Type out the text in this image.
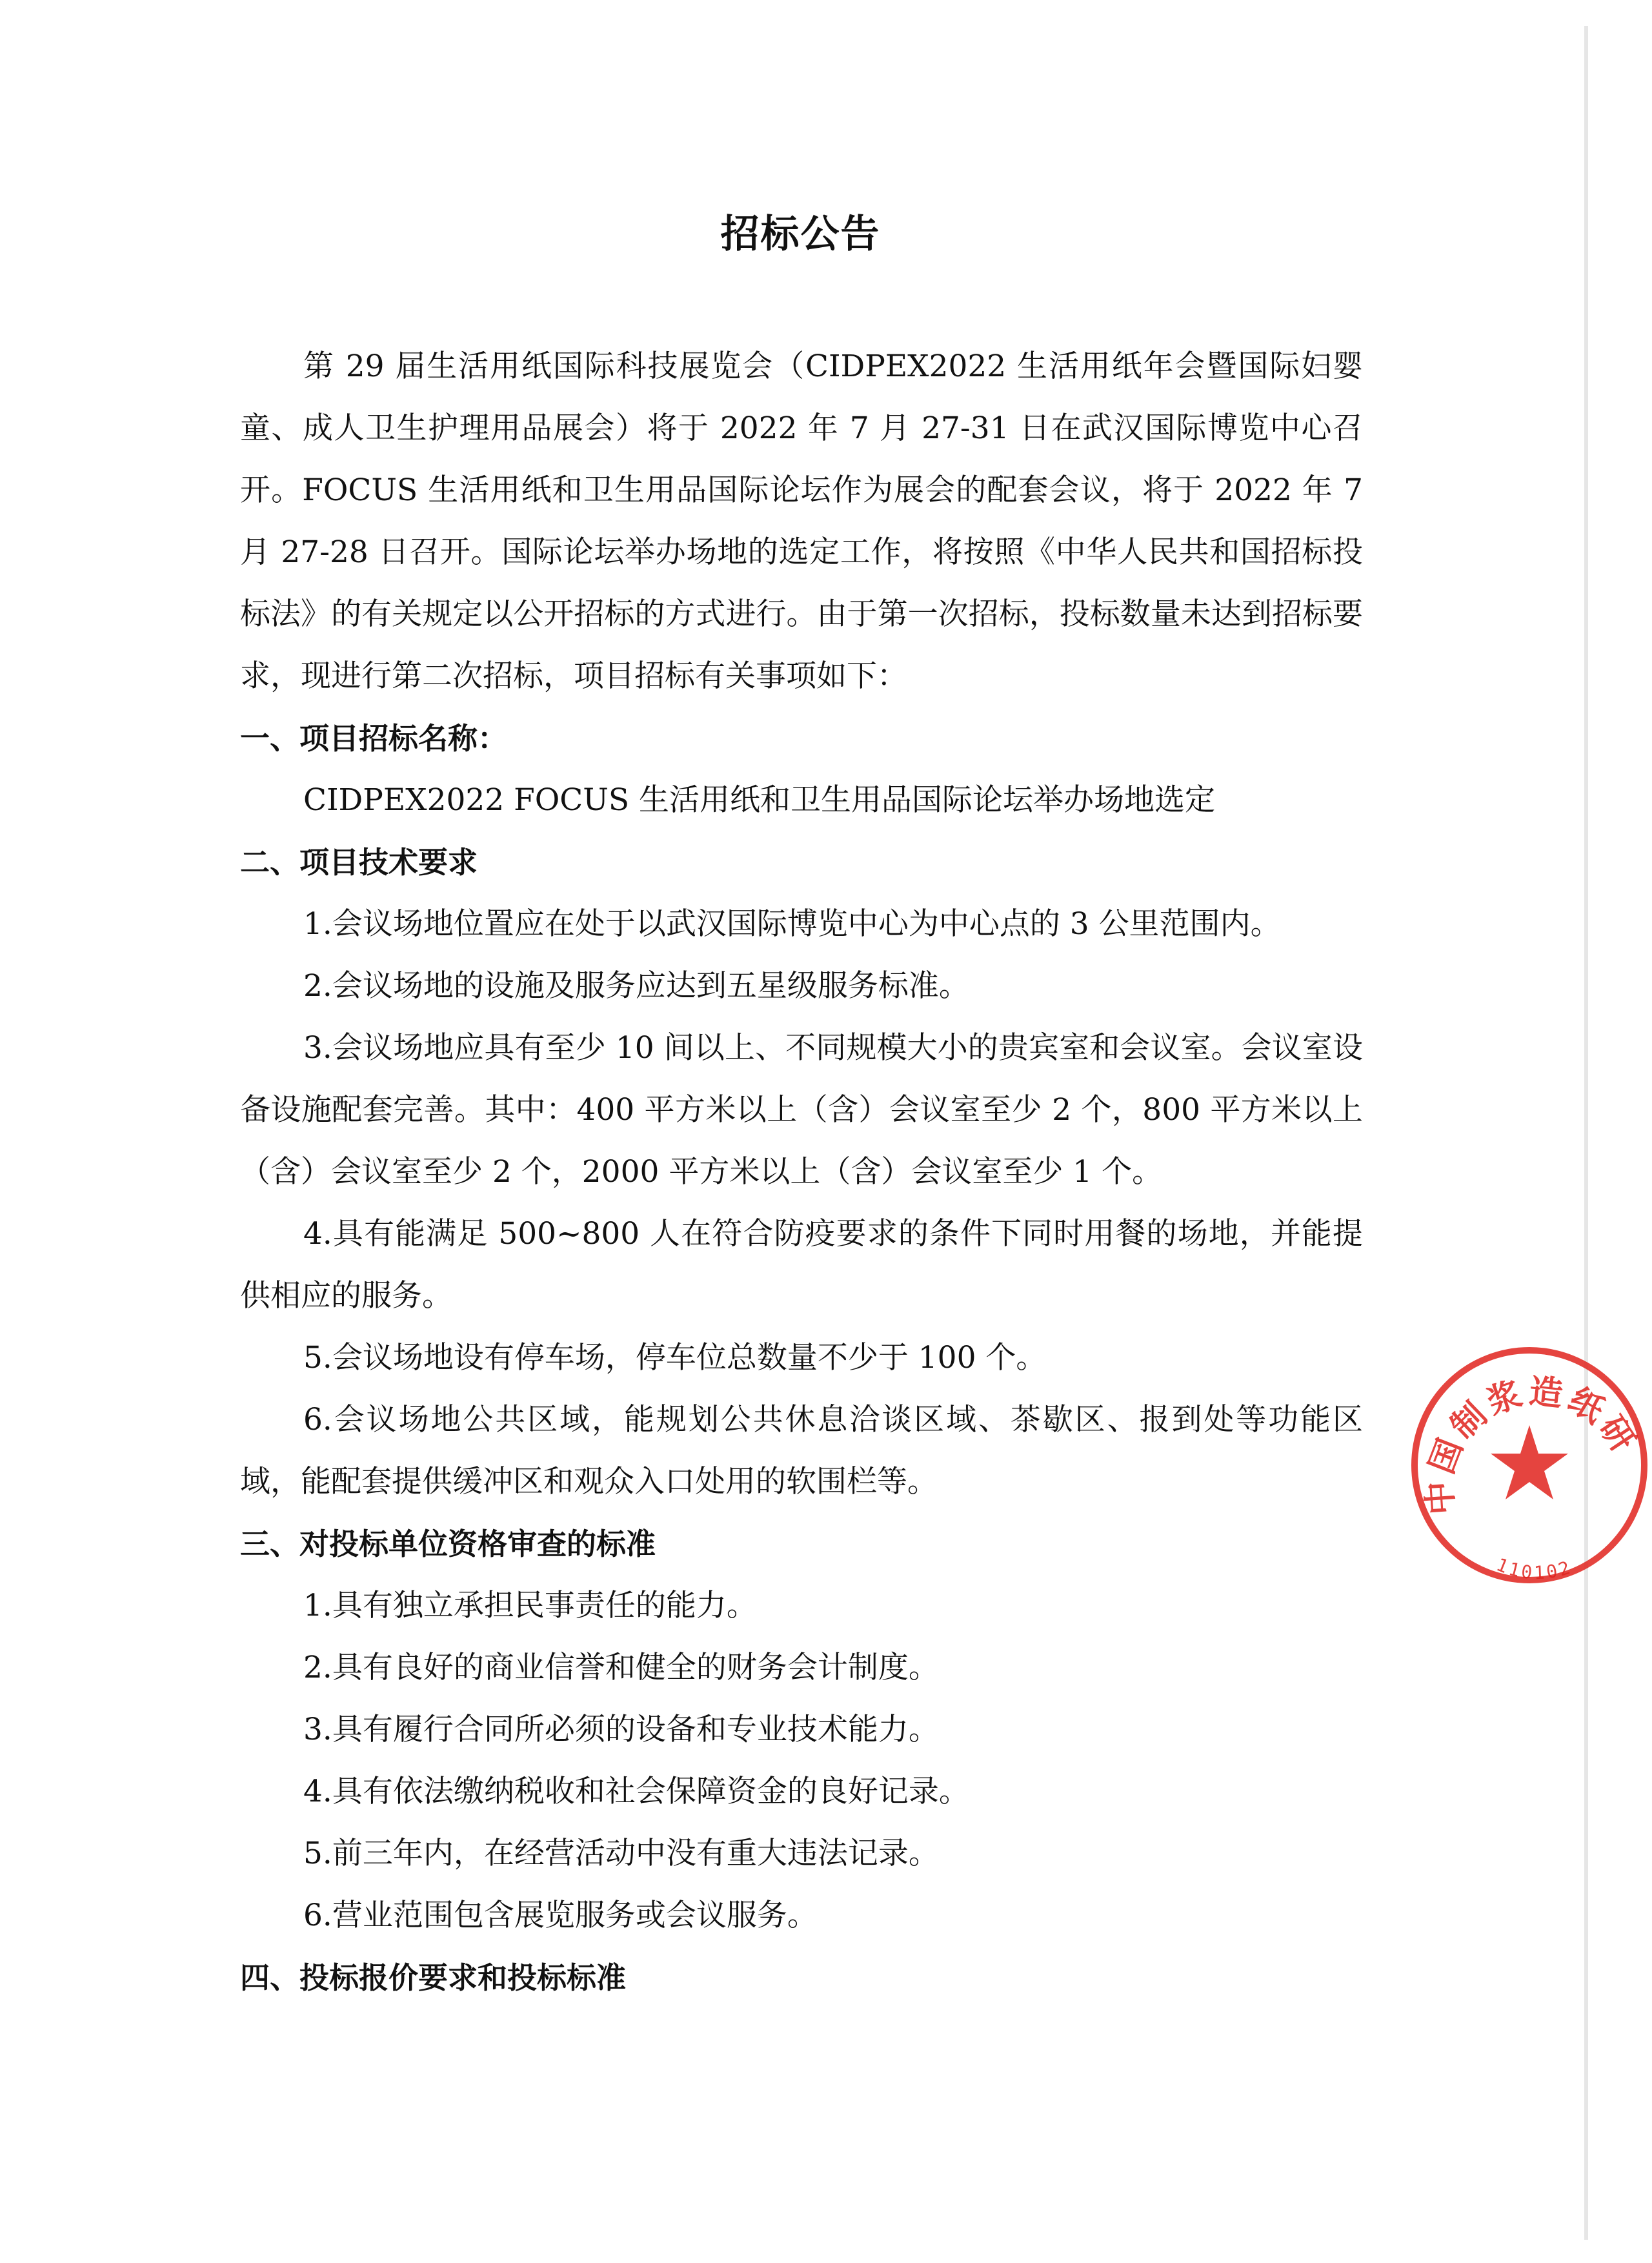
招标公告

第 29 届生活用纸国际科技展览会（CIDPEX2022 生活用纸年会暨国际妇婴童、成人卫生护理用品展会）将于 2022 年 7 月 27-31 日在武汉国际博览中心召开。FOCUS 生活用纸和卫生用品国际论坛作为展会的配套会议，将于 2022 年 7 月 27-28 日召开。国际论坛举办场地的选定工作，将按照《中华人民共和国招标投标法》的有关规定以公开招标的方式进行。由于第一次招标，投标数量未达到招标要求，现进行第二次招标，项目招标有关事项如下：

一、项目招标名称：

CIDPEX2022 FOCUS 生活用纸和卫生用品国际论坛举办场地选定

二、项目技术要求

1.会议场地位置应在处于以武汉国际博览中心为中心点的 3 公里范围内。

2.会议场地的设施及服务应达到五星级服务标准。

3.会议场地应具有至少 10 间以上、不同规模大小的贵宾室和会议室。会议室设备设施配套完善。其中：400 平方米以上（含）会议室至少 2 个，800 平方米以上（含）会议室至少 2 个，2000 平方米以上（含）会议室至少 1 个。

4.具有能满足 500~800 人在符合防疫要求的条件下同时用餐的场地，并能提供相应的服务。

5.会议场地设有停车场，停车位总数量不少于 100 个。

6.会议场地公共区域，能规划公共休息洽谈区域、茶歇区、报到处等功能区域，能配套提供缓冲区和观众入口处用的软围栏等。

三、对投标单位资格审查的标准

1.具有独立承担民事责任的能力。

2.具有良好的商业信誉和健全的财务会计制度。

3.具有履行合同所必须的设备和专业技术能力。

4.具有依法缴纳税收和社会保障资金的良好记录。

5.前三年内，在经营活动中没有重大违法记录。

6.营业范围包含展览服务或会议服务。

四、投标报价要求和投标标准

中国制浆造纸研
110102
